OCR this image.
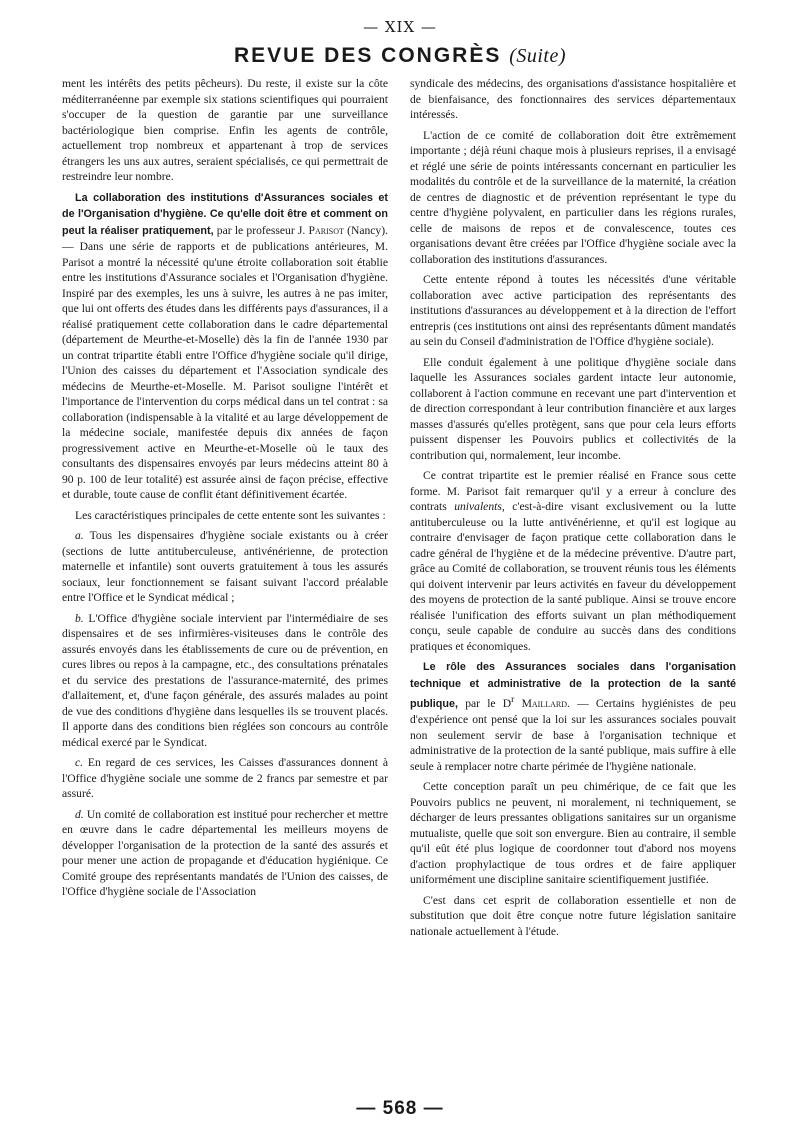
— XIX —
REVUE DES CONGRÈS (Suite)

ment les intérêts des petits pêcheurs). Du reste, il existe sur la côte méditerranéenne par exemple six stations scientifiques qui pourraient s'occuper de la question de garantie par une surveillance bactériologique bien comprise. Enfin les agents de contrôle, actuellement trop nombreux et appartenant à trop de services étrangers les uns aux autres, seraient spécialisés, ce qui permettrait de restreindre leur nombre.

La collaboration des institutions d'Assurances sociales et de l'Organisation d'hygiène. Ce qu'elle doit être et comment on peut la réaliser pratiquement, par le professeur J. Parisot (Nancy). — Dans une série de rapports et de publications antérieures, M. Parisot a montré la nécessité qu'une étroite collaboration soit établie entre les institutions d'Assurance sociales et l'Organisation d'hygiène. Inspiré par des exemples, les uns à suivre, les autres à ne pas imiter, que lui ont offerts des études dans les différents pays d'assurances, il a réalisé pratiquement cette collaboration dans le cadre départemental (département de Meurthe-et-Moselle) dès la fin de l'année 1930 par un contrat tripartite établi entre l'Office d'hygiène sociale qu'il dirige, l'Union des caisses du département et l'Association syndicale des médecins de Meurthe-et-Moselle. M. Parisot souligne l'intérêt et l'importance de l'intervention du corps médical dans un tel contrat : sa collaboration (indispensable à la vitalité et au large développement de la médecine sociale, manifestée depuis dix années de façon progressivement active en Meurthe-et-Moselle où le taux des consultants des dispensaires envoyés par leurs médecins atteint 80 à 90 p. 100 de leur totalité) est assurée ainsi de façon précise, effective et durable, toute cause de conflit étant définitivement écartée.

Les caractéristiques principales de cette entente sont les suivantes :

a. Tous les dispensaires d'hygiène sociale existants ou à créer (sections de lutte antituberculeuse, antivénérienne, de protection maternelle et infantile) sont ouverts gratuitement à tous les assurés sociaux, leur fonctionnement se faisant suivant l'accord préalable entre l'Office et le Syndicat médical ;

b. L'Office d'hygiène sociale intervient par l'intermédiaire de ses dispensaires et de ses infirmières-visiteuses dans le contrôle des assurés envoyés dans les établissements de cure ou de prévention, en cures libres ou repos à la campagne, etc., des consultations prénatales et du service des prestations de l'assurance-maternité, des primes d'allaitement, et, d'une façon générale, des assurés malades au point de vue des conditions d'hygiène dans lesquelles ils se trouvent placés. Il apporte dans des conditions bien réglées son concours au contrôle médical exercé par le Syndicat.

c. En regard de ces services, les Caisses d'assurances donnent à l'Office d'hygiène sociale une somme de 2 francs par semestre et par assuré.

d. Un comité de collaboration est institué pour rechercher et mettre en œuvre dans le cadre départemental les meilleurs moyens de développer l'organisation de la protection de la santé des assurés et pour mener une action de propagande et d'éducation hygiénique. Ce Comité groupe des représentants mandatés de l'Union des caisses, de l'Office d'hygiène sociale de l'Association

syndicale des médecins, des organisations d'assistance hospitalière et de bienfaisance, des fonctionnaires des services départementaux intéressés.

L'action de ce comité de collaboration doit être extrêmement importante ; déjà réuni chaque mois à plusieurs reprises, il a envisagé et réglé une série de points intéressants concernant en particulier les modalités du contrôle et de la surveillance de la maternité, la création de centres de diagnostic et de prévention représentant le type du centre d'hygiène polyvalent, en particulier dans les régions rurales, celle de maisons de repos et de convalescence, toutes ces organisations devant être créées par l'Office d'hygiène sociale avec la collaboration des institutions d'assurances.

Cette entente répond à toutes les nécessités d'une véritable collaboration avec active participation des représentants des institutions d'assurances au développement et à la direction de l'effort entrepris (ces institutions ont ainsi des représentants dûment mandatés au sein du Conseil d'administration de l'Office d'hygiène sociale).

Elle conduit également à une politique d'hygiène sociale dans laquelle les Assurances sociales gardent intacte leur autonomie, collaborent à l'action commune en recevant une part d'intervention et de direction correspondant à leur contribution financière et aux larges masses d'assurés qu'elles protègent, sans que pour cela leurs efforts puissent dispenser les Pouvoirs publics et collectivités de la contribution qui, normalement, leur incombe.

Ce contrat tripartite est le premier réalisé en France sous cette forme. M. Parisot fait remarquer qu'il y a erreur à conclure des contrats univalents, c'est-à-dire visant exclusivement ou la lutte antituberculeuse ou la lutte antivénérienne, et qu'il est logique au contraire d'envisager de façon pratique cette collaboration dans le cadre général de l'hygiène et de la médecine préventive. D'autre part, grâce au Comité de collaboration, se trouvent réunis tous les éléments qui doivent intervenir par leurs activités en faveur du développement des moyens de protection de la santé publique. Ainsi se trouve encore réalisée l'unification des efforts suivant un plan méthodiquement conçu, seule capable de conduire au succès dans des conditions pratiques et économiques.

Le rôle des Assurances sociales dans l'organisation technique et administrative de la protection de la santé publique, par le $D^r$ Maillard. — Certains hygiénistes de peu d'expérience ont pensé que la loi sur les assurances sociales pouvait non seulement servir de base à l'organisation technique et administrative de la protection de la santé publique, mais suffire à elle seule à remplacer notre charte périmée de l'hygiène nationale.

Cette conception paraît un peu chimérique, de ce fait que les Pouvoirs publics ne peuvent, ni moralement, ni techniquement, se décharger de leurs pressantes obligations sanitaires sur un organisme mutualiste, quelle que soit son envergure. Bien au contraire, il semble qu'il eût été plus logique de coordonner tout d'abord nos moyens d'action prophylactique de tous ordres et de faire appliquer uniformément une discipline sanitaire scientifiquement justifiée.

C'est dans cet esprit de collaboration essentielle et non de substitution que doit être conçue notre future législation sanitaire nationale actuellement à l'étude.

— 568 —
